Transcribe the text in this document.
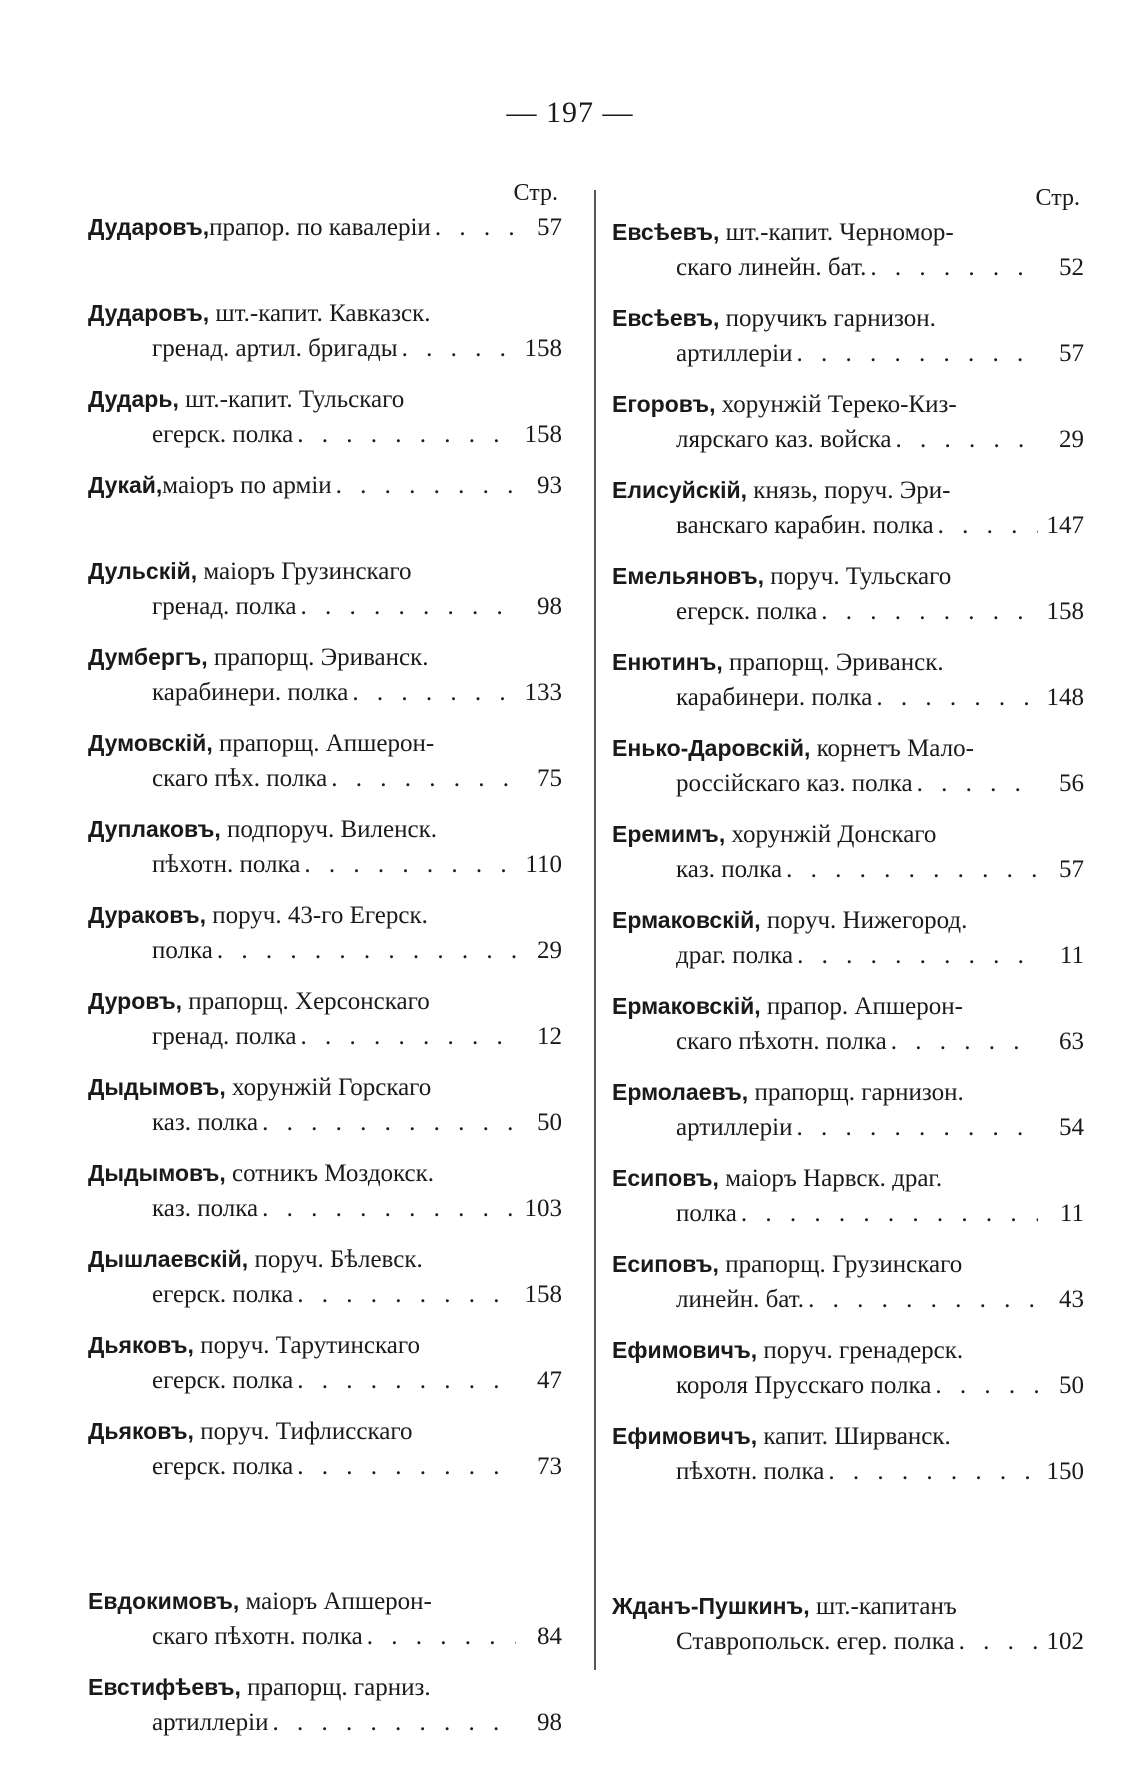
— 197 —
Стр.
Дударовъ, прапор. по кавалеріи . . .	57
Дударовъ, шт.-капит. Кавказск.
гренад. артил. бригады . . .	158
Дударь, шт.-капит. Тульскаго
егерск. полка . . .	158
Дукай, маіоръ по арміи . . .	93
Дульскій, маіоръ Грузинскаго
гренад. полка . . .	98
Думбергъ, прапорщ. Эриванск.
карабинери. полка . . .	133
Думовскій, прапорщ. Апшерон-
скаго пѣх. полка . . .	75
Дуплаковъ, подпоруч. Виленск.
пѣхотн. полка . . .	110
Дураковъ, поруч. 43-го Егерск.
полка . . .	29
Дуровъ, прапорщ. Херсонскаго
гренад. полка . . .	12
Дыдымовъ, хорунжій Горскаго
каз. полка . . .	50
Дыдымовъ, сотникъ Моздокск.
каз. полка . . .	103
Дышлаевскій, поруч. Бѣлевск.
егерск. полка . . .	158
Дьяковъ, поруч. Тарутинскаго
егерск. полка . . .	47
Дьяковъ, поруч. Тифлисскаго
егерск. полка . . .	73
Евдокимовъ, маіоръ Апшерон-
скаго пѣхотн. полка . . .	84
Евстифѣевъ, прапорщ. гарниз.
артиллеріи . . .	98
Стр.
Евсѣевъ, шт.-капит. Черномор-
скаго линейн. бат. . . .	52
Евсѣевъ, поручикъ гарнизон.
артиллеріи . . .	57
Егоровъ, хорунжій Тереко-Киз-
лярскаго каз. войска . . .	29
Елисуйскій, князь, поруч. Эри-
ванскаго карабин. полка . . .	147
Емельяновъ, поруч. Тульскаго
егерск. полка . . .	158
Енютинъ, прапорщ. Эриванск.
карабинери. полка . . .	148
Енько-Даровскій, корнетъ Мало-
россійскаго каз. полка . . .	56
Еремимъ, хорунжій Донскаго
каз. полка . . .	57
Ермаковскій, поруч. Нижегород.
драг. полка . . .	11
Ермаковскій, прапор. Апшерон-
скаго пѣхотн. полка . . .	63
Ермолаевъ, прапорщ. гарнизон.
артиллеріи . . .	54
Есиповъ, маіоръ Нарвск. драг.
полка . . .	11
Есиповъ, прапорщ. Грузинскаго
линейн. бат. . . .	43
Ефимовичъ, поруч. гренадерск.
короля Прусскаго полка . . .	50
Ефимовичъ, капит. Ширванск.
пѣхотн. полка . . .	150
Жданъ-Пушкинъ, шт.-капитанъ
Ставропольск. егер. полка . . .	102
